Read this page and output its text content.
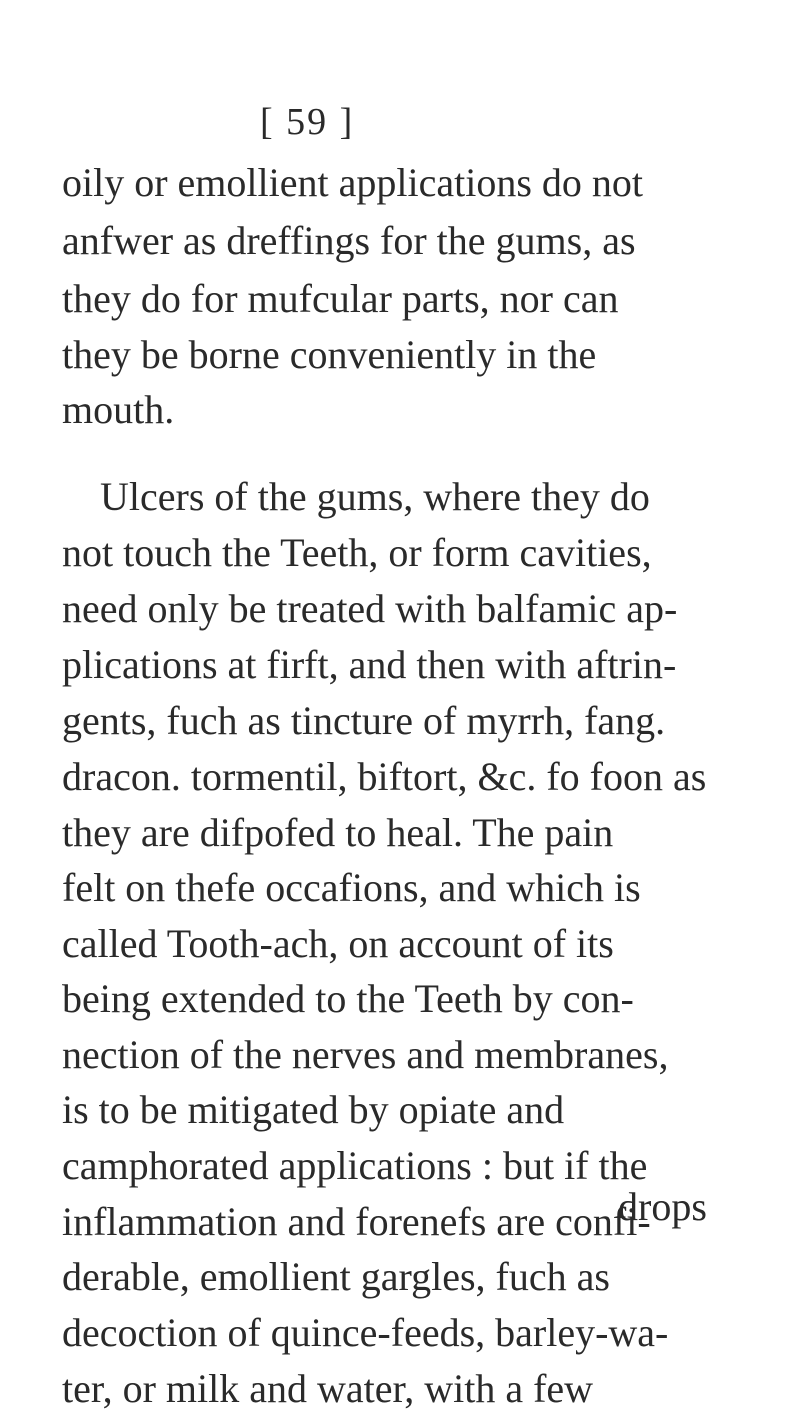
[ 59 ]
oily or emollient applications do not
anfwer as dreffings for the gums, as
they do for mufcular parts, nor can
they be borne conveniently in the
mouth.
Ulcers of the gums, where they do
not touch the Teeth, or form cavities,
need only be treated with balfamic ap-
plications at firft, and then with aftrin-
gents, fuch as tincture of myrrh, fang.
dracon. tormentil, biftort, &c. fo foon as
they are difpofed to heal. The pain
felt on thefe occafions, and which is
called Tooth-ach, on account of its
being extended to the Teeth by con-
nection of the nerves and membranes,
is to be mitigated by opiate and
camphorated applications : but if the
inflammation and forenefs are confi-
derable, emollient gargles, fuch as
decoction of quince-feeds, barley-wa-
ter, or milk and water, with a few
drops
